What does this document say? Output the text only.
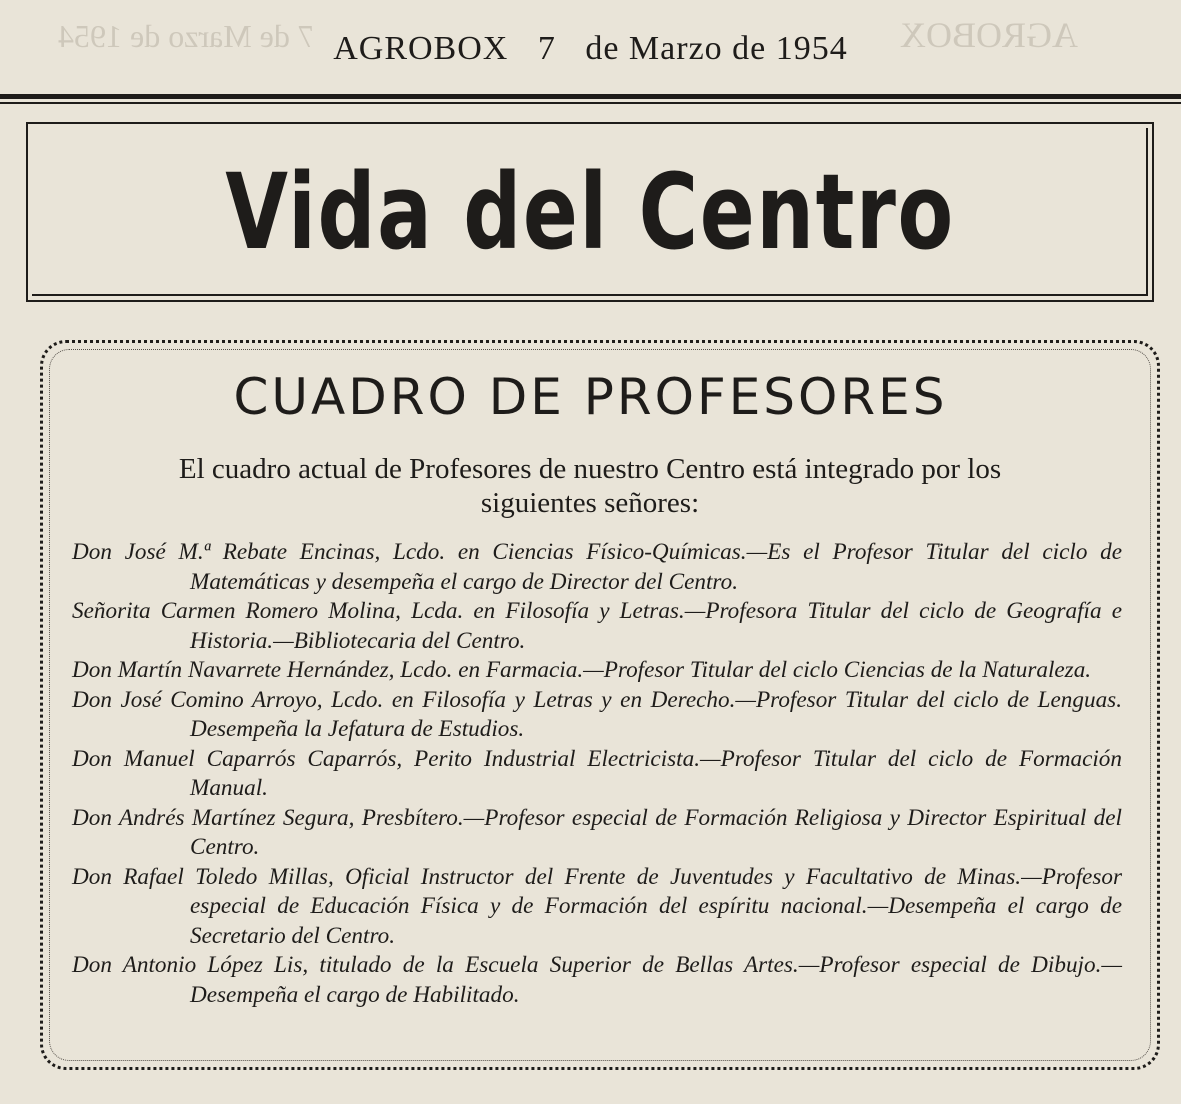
7 de Marzo de 1954	AGROBOX
AGROBOX 7 de Marzo de 1954
Vida del Centro
CUADRO DE PROFESORES
El cuadro actual de Profesores de nuestro Centro está integrado por los siguientes señores:

Don José M.ª Rebate Encinas, Lcdo. en Ciencias Físico-Químicas.—Es el Profesor Titular del ciclo de Matemáticas y desempeña el cargo de Director del Centro.

Señorita Carmen Romero Molina, Lcda. en Filosofía y Letras.—Profesora Titular del ciclo de Geografía e Historia.—Bibliotecaria del Centro.

Don Martín Navarrete Hernández, Lcdo. en Farmacia.—Profesor Titular del ciclo Ciencias de la Naturaleza.

Don José Comino Arroyo, Lcdo. en Filosofía y Letras y en Derecho.—Profesor Titular del ciclo de Lenguas. Desempeña la Jefatura de Estudios.

Don Manuel Caparrós Caparrós, Perito Industrial Electricista.—Profesor Titular del ciclo de Formación Manual.

Don Andrés Martínez Segura, Presbítero.—Profesor especial de Formación Religiosa y Director Espiritual del Centro.

Don Rafael Toledo Millas, Oficial Instructor del Frente de Juventudes y Facultativo de Minas.—Profesor especial de Educación Física y de Formación del espíritu nacional.—Desempeña el cargo de Secretario del Centro.

Don Antonio López Lis, titulado de la Escuela Superior de Bellas Artes.—Profesor especial de Dibujo.—Desempeña el cargo de Habilitado.
